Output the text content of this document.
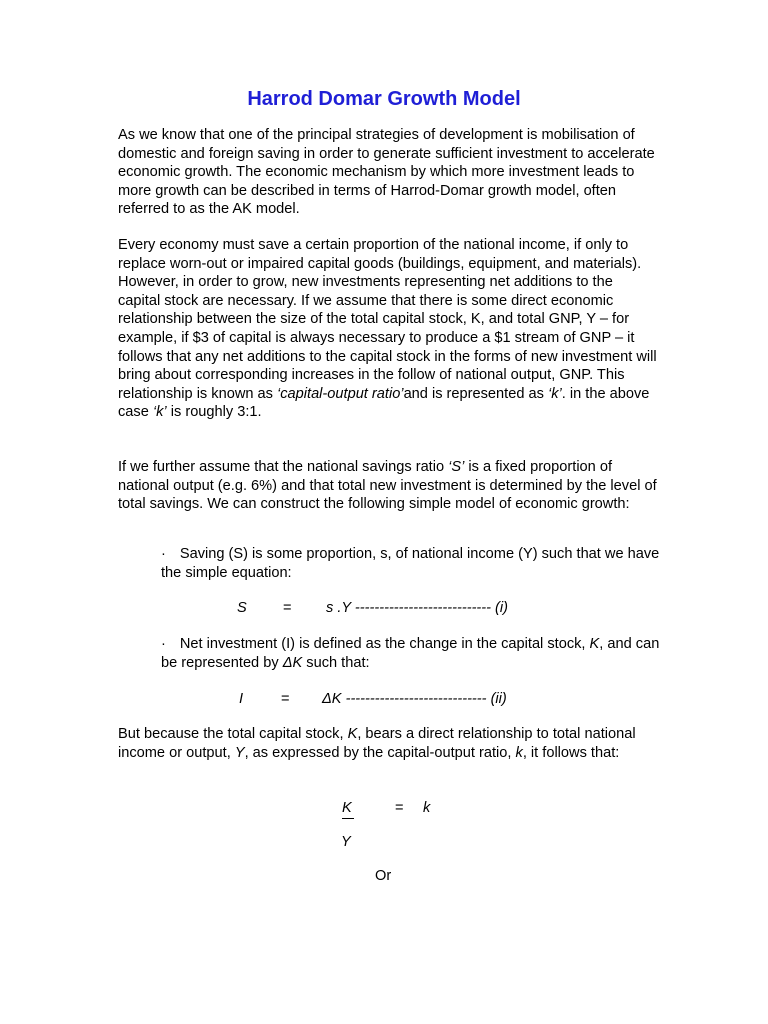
Harrod Domar Growth Model

As we know that one of the principal strategies of development is mobilisation of domestic and foreign saving in order to generate sufficient investment to accelerate economic growth. The economic mechanism by which more investment leads to more growth can be described in terms of Harrod-Domar growth model, often referred to as the AK model.

Every economy must save a certain proportion of the national income, if only to replace worn-out or impaired capital goods (buildings, equipment, and materials). However, in order to grow, new investments representing net additions to the capital stock are necessary. If we assume that there is some direct economic relationship between the size of the total capital stock, K, and total GNP, Y – for example, if $3 of capital is always necessary to produce a $1 stream of GNP – it follows that any net additions to the capital stock in the forms of new investment will bring about corresponding increases in the follow of national output, GNP. This relationship is known as ‘capital-output ratio’and is represented as ‘k’. in the above case ‘k’ is roughly 3:1.

If we further assume that the national savings ratio ‘S’ is a fixed proportion of national output (e.g. 6%) and that total new investment is determined by the level of total savings. We can construct the following simple model of economic growth:

· Saving (S) is some proportion, s, of national income (Y) such that we have the simple equation:

S = s .Y ---------------------------- (i)

· Net investment (I) is defined as the change in the capital stock, K, and can be represented by ΔK such that:

I	= ΔK ----------------------------- (ii)

But because the total capital stock, K, bears a direct relationship to total national income or output, Y, as expressed by the capital-output ratio, k, it follows that:

K	= k
Y
Or
